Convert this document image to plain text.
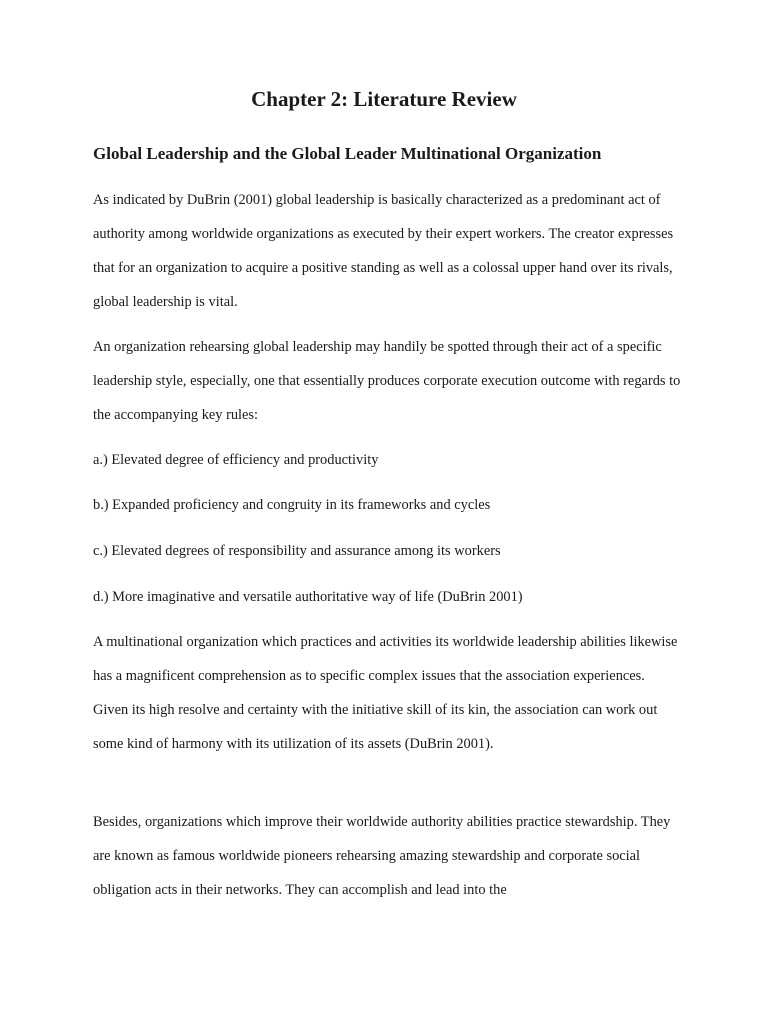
Chapter 2: Literature Review
Global Leadership and the Global Leader Multinational Organization

As indicated by DuBrin (2001) global leadership is basically characterized as a predominant act of authority among worldwide organizations as executed by their expert workers. The creator expresses that for an organization to acquire a positive standing as well as a colossal upper hand over its rivals, global leadership is vital.

An organization rehearsing global leadership may handily be spotted through their act of a specific leadership style, especially, one that essentially produces corporate execution outcome with regards to the accompanying key rules:

a.) Elevated degree of efficiency and productivity

b.) Expanded proficiency and congruity in its frameworks and cycles

c.) Elevated degrees of responsibility and assurance among its workers

d.) More imaginative and versatile authoritative way of life (DuBrin 2001)

A multinational organization which practices and activities its worldwide leadership abilities likewise has a magnificent comprehension as to specific complex issues that the association experiences. Given its high resolve and certainty with the initiative skill of its kin, the association can work out some kind of harmony with its utilization of its assets (DuBrin 2001).

Besides, organizations which improve their worldwide authority abilities practice stewardship. They are known as famous worldwide pioneers rehearsing amazing stewardship and corporate social obligation acts in their networks. They can accomplish and lead into the
